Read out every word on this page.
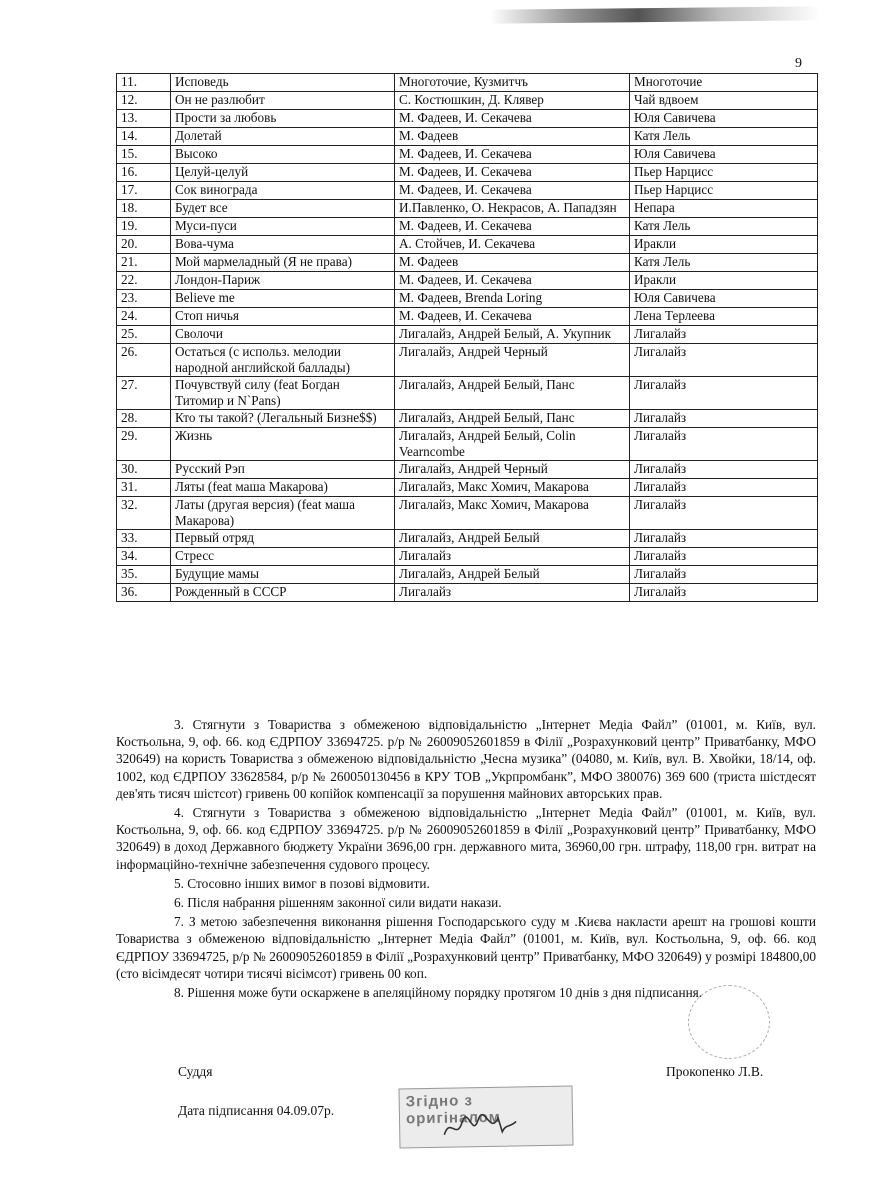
9
11.	Исповедь	Многоточие, Кузмитчъ	Многоточие
12.	Он не разлюбит	С. Костюшкин, Д. Клявер	Чай вдвоем
13.	Прости за любовь	М. Фадеев, И. Секачева	Юля Савичева
14.	Долетай	М. Фадеев	Катя Лель
15.	Высоко	М. Фадеев, И. Секачева	Юля Савичева
16.	Целуй-целуй	М. Фадеев, И. Секачева	Пьер Нарцисс
17.	Сок винограда	М. Фадеев, И. Секачева	Пьер Нарцисс
18.	Будет все	И.Павленко, О. Некрасов, А. Пападзян	Непара
19.	Муси-пуси	М. Фадеев, И. Секачева	Катя Лель
20.	Вова-чума	А. Стойчев, И. Секачева	Иракли
21.	Мой мармеладный (Я не права)	М. Фадеев	Катя Лель
22.	Лондон-Париж	М. Фадеев, И. Секачева	Иракли
23.	Believe me	М. Фадеев, Brenda Loring	Юля Савичева
24.	Стоп ничья	М. Фадеев, И. Секачева	Лена Терлеева
25.	Сволочи	Лигалайз, Андрей Белый, А. Укупник	Лигалайз
26.	Остаться (с использ. мелодии народной английской баллады)	Лигалайз, Андрей Черный	Лигалайз
27.	Почувствуй силу (feat Богдан Титомир и N`Pans)	Лигалайз, Андрей Белый, Панс	Лигалайз
28.	Кто ты такой? (Легальный Бизне$$)	Лигалайз, Андрей Белый, Панс	Лигалайз
29.	Жизнь	Лигалайз, Андрей Белый, Colin Vearncombe	Лигалайз
30.	Русский Рэп	Лигалайз, Андрей Черный	Лигалайз
31.	Ляты (feat маша Макарова)	Лигалайз, Макс Хомич, Макарова	Лигалайз
32.	Латы (другая версия) (feat маша Макарова)	Лигалайз, Макс Хомич, Макарова	Лигалайз
33.	Первый отряд	Лигалайз, Андрей Белый	Лигалайз
34.	Стресс	Лигалайз	Лигалайз
35.	Будущие мамы	Лигалайз, Андрей Белый	Лигалайз
36.	Рожденный в СССР	Лигалайз	Лигалайз

3. Стягнути з Товариства з обмеженою відповідальністю „Інтернет Медіа Файл” (01001, м. Київ, вул. Костьольна, 9, оф. 66. код ЄДРПОУ 33694725. р/р № 26009052601859 в Філії „Розрахунковий центр” Приватбанку, МФО 320649) на користь Товариства з обмеженою відповідальністю „Чесна музика” (04080, м. Київ, вул. В. Хвойки, 18/14, оф. 1002, код ЄДРПОУ 33628584, р/р № 260050130456 в КРУ ТОВ „Укрпромбанк”, МФО 380076) 369 600 (триста шістдесят дев'ять тисяч шістсот) гривень 00 копійок компенсації за порушення майнових авторських прав.

4. Стягнути з Товариства з обмеженою відповідальністю „Інтернет Медіа Файл” (01001, м. Київ, вул. Костьольна, 9, оф. 66. код ЄДРПОУ 33694725. р/р № 26009052601859 в Філії „Розрахунковий центр” Приватбанку, МФО 320649) в доход Державного бюджету України 3696,00 грн. державного мита, 36960,00 грн. штрафу, 118,00 грн. витрат на інформаційно-технічне забезпечення судового процесу.

5. Стосовно інших вимог в позові відмовити.

6. Після набрання рішенням законної сили видати накази.

7. З метою забезпечення виконання рішення Господарського суду м .Києва накласти арешт на грошові кошти Товариства з обмеженою відповідальністю „Інтернет Медіа Файл” (01001, м. Київ, вул. Костьольна, 9, оф. 66. код ЄДРПОУ 33694725, р/р № 26009052601859 в Філії „Розрахунковий центр” Приватбанку, МФО 320649) у розмірі 184800,00 (сто вісімдесят чотири тисячі вісімсот) гривень 00 коп.

8. Рішення може бути оскаржене в апеляційному порядку протягом 10 днів з дня підписання.

Суддя	Прокопенко Л.В.
Згідно з оригіналом
Дата підписання 04.09.07р.
